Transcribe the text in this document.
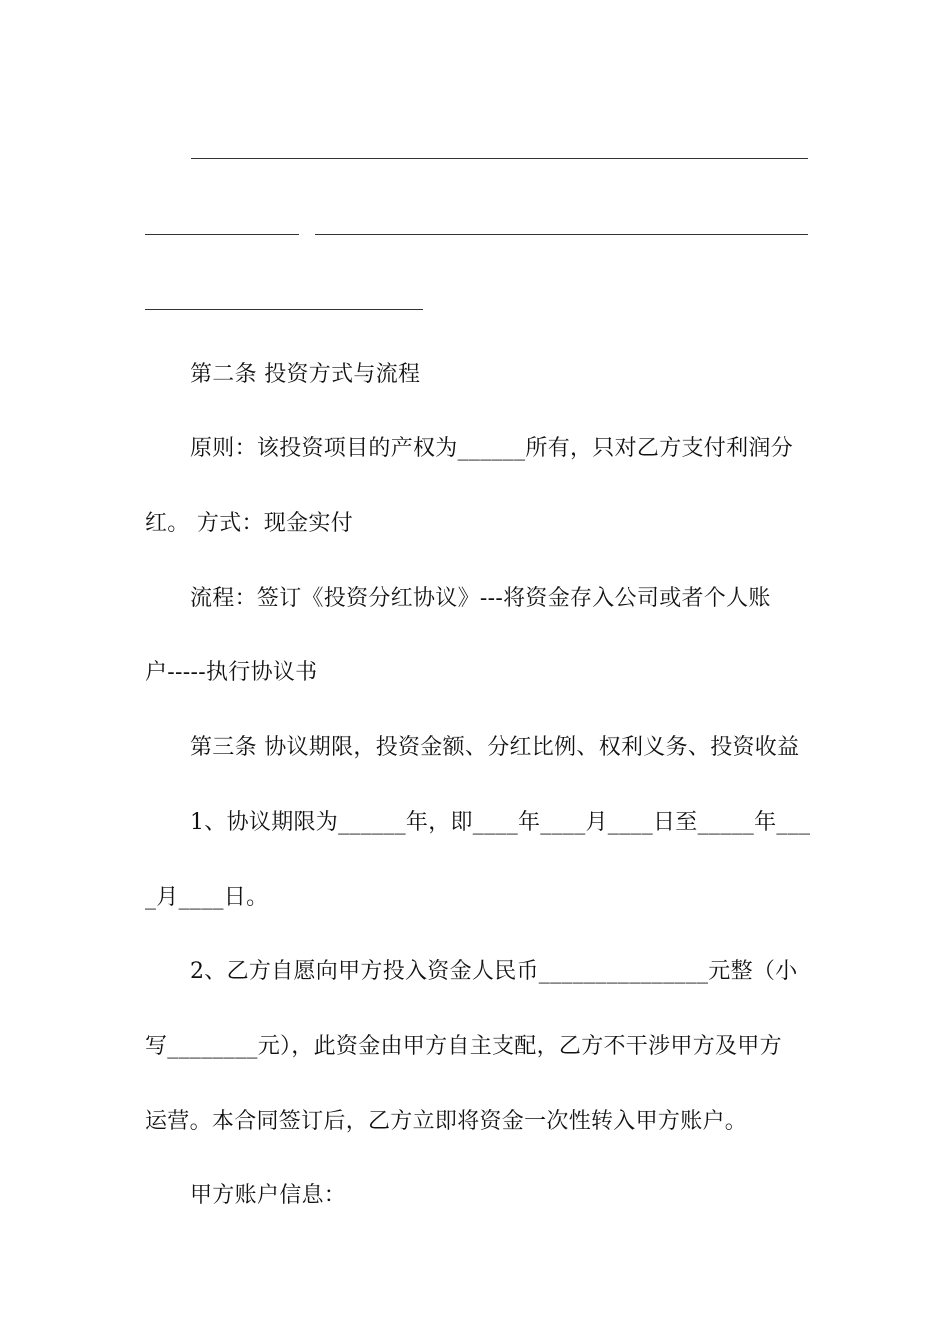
第二条 投资方式与流程
原则：该投资项目的产权为______所有，只对乙方支付利润分
红。 方式：现金实付
流程：签订《投资分红协议》---将资金存入公司或者个人账
户-----执行协议书
第三条 协议期限，投资金额、分红比例、权利义务、投资收益
1、协议期限为______年，即____年____月____日至_____年___
_月____日。
2、乙方自愿向甲方投入资金人民币_______________元整（小
写________元），此资金由甲方自主支配，乙方不干涉甲方及甲方
运营。本合同签订后，乙方立即将资金一次性转入甲方账户。
甲方账户信息：
